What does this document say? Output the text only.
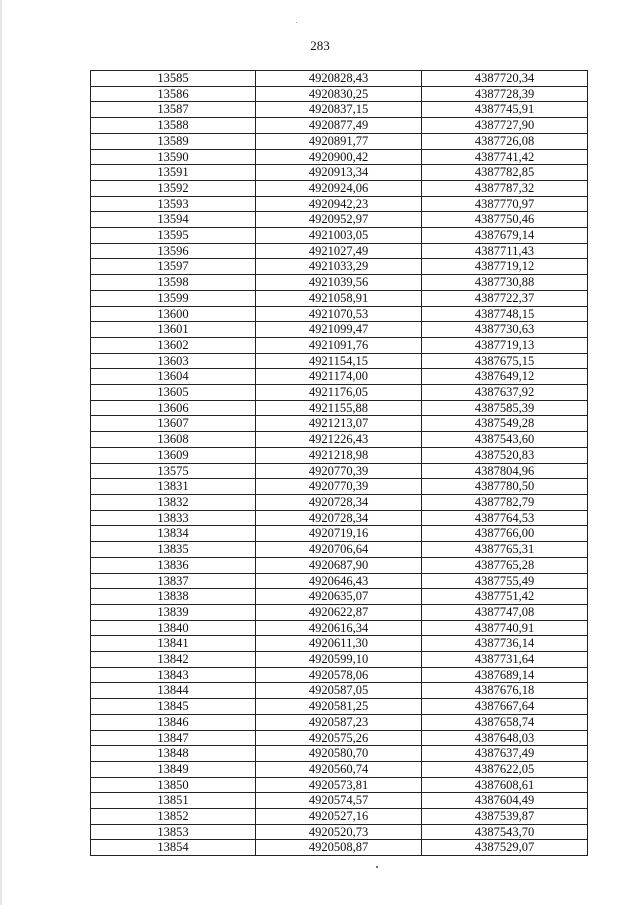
283
13585	4920828,43	4387720,34
13586	4920830,25	4387728,39
13587	4920837,15	4387745,91
13588	4920877,49	4387727,90
13589	4920891,77	4387726,08
13590	4920900,42	4387741,42
13591	4920913,34	4387782,85
13592	4920924,06	4387787,32
13593	4920942,23	4387770,97
13594	4920952,97	4387750,46
13595	4921003,05	4387679,14
13596	4921027,49	4387711,43
13597	4921033,29	4387719,12
13598	4921039,56	4387730,88
13599	4921058,91	4387722,37
13600	4921070,53	4387748,15
13601	4921099,47	4387730,63
13602	4921091,76	4387719,13
13603	4921154,15	4387675,15
13604	4921174,00	4387649,12
13605	4921176,05	4387637,92
13606	4921155,88	4387585,39
13607	4921213,07	4387549,28
13608	4921226,43	4387543,60
13609	4921218,98	4387520,83
13575	4920770,39	4387804,96
13831	4920770,39	4387780,50
13832	4920728,34	4387782,79
13833	4920728,34	4387764,53
13834	4920719,16	4387766,00
13835	4920706,64	4387765,31
13836	4920687,90	4387765,28
13837	4920646,43	4387755,49
13838	4920635,07	4387751,42
13839	4920622,87	4387747,08
13840	4920616,34	4387740,91
13841	4920611,30	4387736,14
13842	4920599,10	4387731,64
13843	4920578,06	4387689,14
13844	4920587,05	4387676,18
13845	4920581,25	4387667,64
13846	4920587,23	4387658,74
13847	4920575,26	4387648,03
13848	4920580,70	4387637,49
13849	4920560,74	4387622,05
13850	4920573,81	4387608,61
13851	4920574,57	4387604,49
13852	4920527,16	4387539,87
13853	4920520,73	4387543,70
13854	4920508,87	4387529,07
